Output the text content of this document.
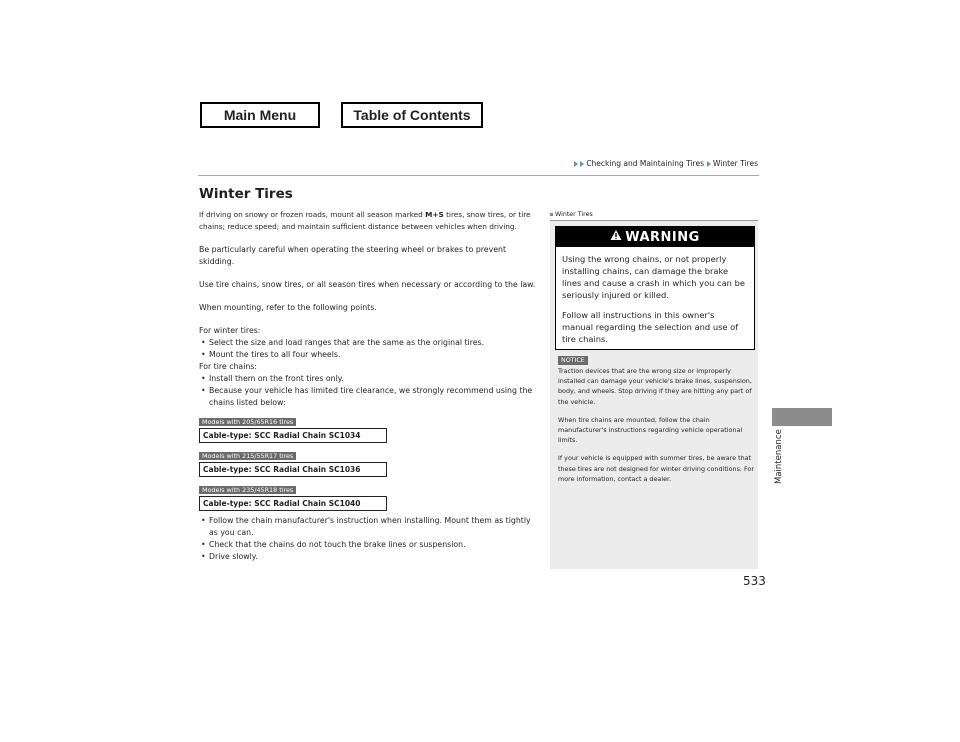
Main Menu	Table of Contents
Checking and Maintaining Tires Winter Tires
Maintenance
Winter Tires

If driving on snowy or frozen roads, mount all season marked M+S tires, snow tires, or tire chains; reduce speed; and maintain sufficient distance between vehicles when driving.

Be particularly careful when operating the steering wheel or brakes to prevent skidding.

Use tire chains, snow tires, or all season tires when necessary or according to the law.

When mounting, refer to the following points.

For winter tires:
• Select the size and load ranges that are the same as the original tires.
• Mount the tires to all four wheels.
For tire chains:
• Install them on the front tires only.
• Because your vehicle has limited tire clearance, we strongly recommend using the chains listed below:
Models with 205/65R16 tires
Cable-type: SCC Radial Chain SC1034
Models with 215/55R17 tires
Cable-type: SCC Radial Chain SC1036
Models with 235/45R18 tires
Cable-type: SCC Radial Chain SC1040
• Follow the chain manufacturer's instruction when installing. Mount them as tightly as you can.
• Check that the chains do not touch the brake lines or suspension.
• Drive slowly.
Winter Tires
WARNING

Using the wrong chains, or not properly installing chains, can damage the brake lines and cause a crash in which you can be seriously injured or killed.

Follow all instructions in this owner's manual regarding the selection and use of tire chains.

NOTICE

Traction devices that are the wrong size or improperly installed can damage your vehicle's brake lines, suspension, body, and wheels. Stop driving if they are hitting any part of the vehicle.

When tire chains are mounted, follow the chain manufacturer's instructions regarding vehicle operational limits.

If your vehicle is equipped with summer tires, be aware that these tires are not designed for winter driving conditions. For more information, contact a dealer.

533
